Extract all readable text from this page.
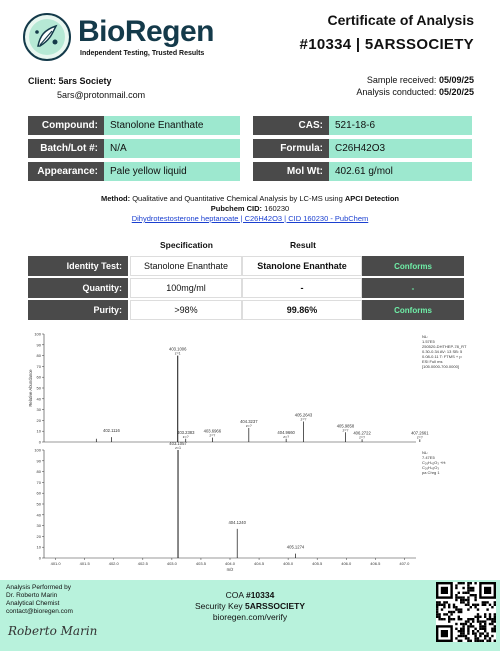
BioRegen
Independent Testing, Trusted Results
Certificate of Analysis
#10334 | 5ARSSOCIETY
Client: 5ars Society
5ars@protonmail.com
Sample received: 05/09/25
Analysis conducted: 05/20/25
Compound:	Stanolone Enanthate
Batch/Lot #:	N/A
Appearance:	Pale yellow liquid
CAS:	521-18-6
Formula:	C26H42O3
Mol Wt:	402.61 g/mol
Method: Qualitative and Quantitative Chemical Analysis by LC-MS using APCI Detection
Pubchem CID: 160230
Dihydrotestosterone heptanoate | C26H42O3 | CID 160230 - PubChem
Specification	Result
Identity Test:	Stanolone Enanthate	Stanolone Enanthate	Conforms
Quantity:	100mg/ml	-	-
Purity:	>98%	99.86%	Conforms
0
10
20
30
40
50
60
70
80
90
100
402.1116
403.1006
z=1
403.2383
z=?
403.6966
z=?
404.3237
z=?
404.9660
z=?
405.2643
z=?
405.9858
z=?
406.2722
z=?
407.2661
z=?
NL:
1.57E5
250520-DHTHEP-78_RT
0.30-0.34 AV: 13 SB: 5
0.08-0.11 T: FTMS + p
ESI Full ms
[105.0000-700.0000]
0
10
20
30
40
50
60
70
80
90
100
403.1057
z=1
404.1240
405.1274
NL:
7.47E5
C₂₆H₄₂O₃ +H:
C₂₆H₄₃O₃
pa Chrg 1
401.0	401.5	402.0	402.5	403.0	403.5	404.0	404.5	405.0	405.5	406.0	406.5	407.0
m/z
Relative Abundance
Analysis Performed by
Dr. Roberto Marin
Analytical Chemist
contact@bioregen.com
Roberto Marin
COA #10334
Security Key 5ARSSOCIETY
bioregen.com/verify
